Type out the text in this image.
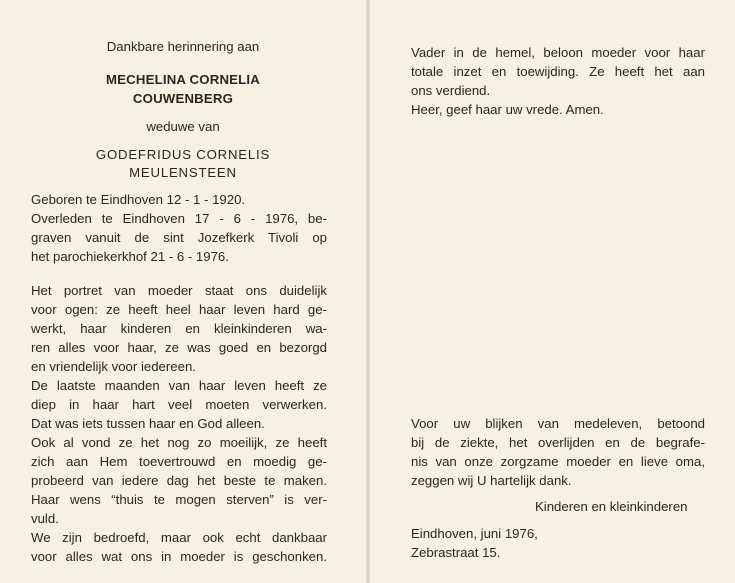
Dankbare herinnering aan
MECHELINA CORNELIA
COUWENBERG
weduwe van
GODEFRIDUS CORNELIS
MEULENSTEEN
Geboren te Eindhoven 12 - 1 - 1920.
Overleden te Eindhoven 17 - 6 - 1976, be-
graven vanuit de sint Jozefkerk Tivoli op
het parochiekerkhof 21 - 6 - 1976.
Het portret van moeder staat ons duidelijk
voor ogen: ze heeft heel haar leven hard ge-
werkt, haar kinderen en kleinkinderen wa-
ren alles voor haar, ze was goed en bezorgd
en vriendelijk voor iedereen.
De laatste maanden van haar leven heeft ze
diep in haar hart veel moeten verwerken.
Dat was iets tussen haar en God alleen.
Ook al vond ze het nog zo moeilijk, ze heeft
zich aan Hem toevertrouwd en moedig ge-
probeerd van iedere dag het beste te maken.
Haar wens “thuis te mogen sterven” is ver-
vuld.
We zijn bedroefd, maar ook echt dankbaar
voor alles wat ons in moeder is geschonken.
Vader in de hemel, beloon moeder voor haar
totale inzet en toewijding. Ze heeft het aan
ons verdiend.
Heer, geef haar uw vrede. Amen.
Voor uw blijken van medeleven, betoond
bij de ziekte, het overlijden en de begrafe-
nis van onze zorgzame moeder en lieve oma,
zeggen wij U hartelijk dank.
Kinderen en kleinkinderen
Eindhoven, juni 1976,
Zebrastraat 15.
